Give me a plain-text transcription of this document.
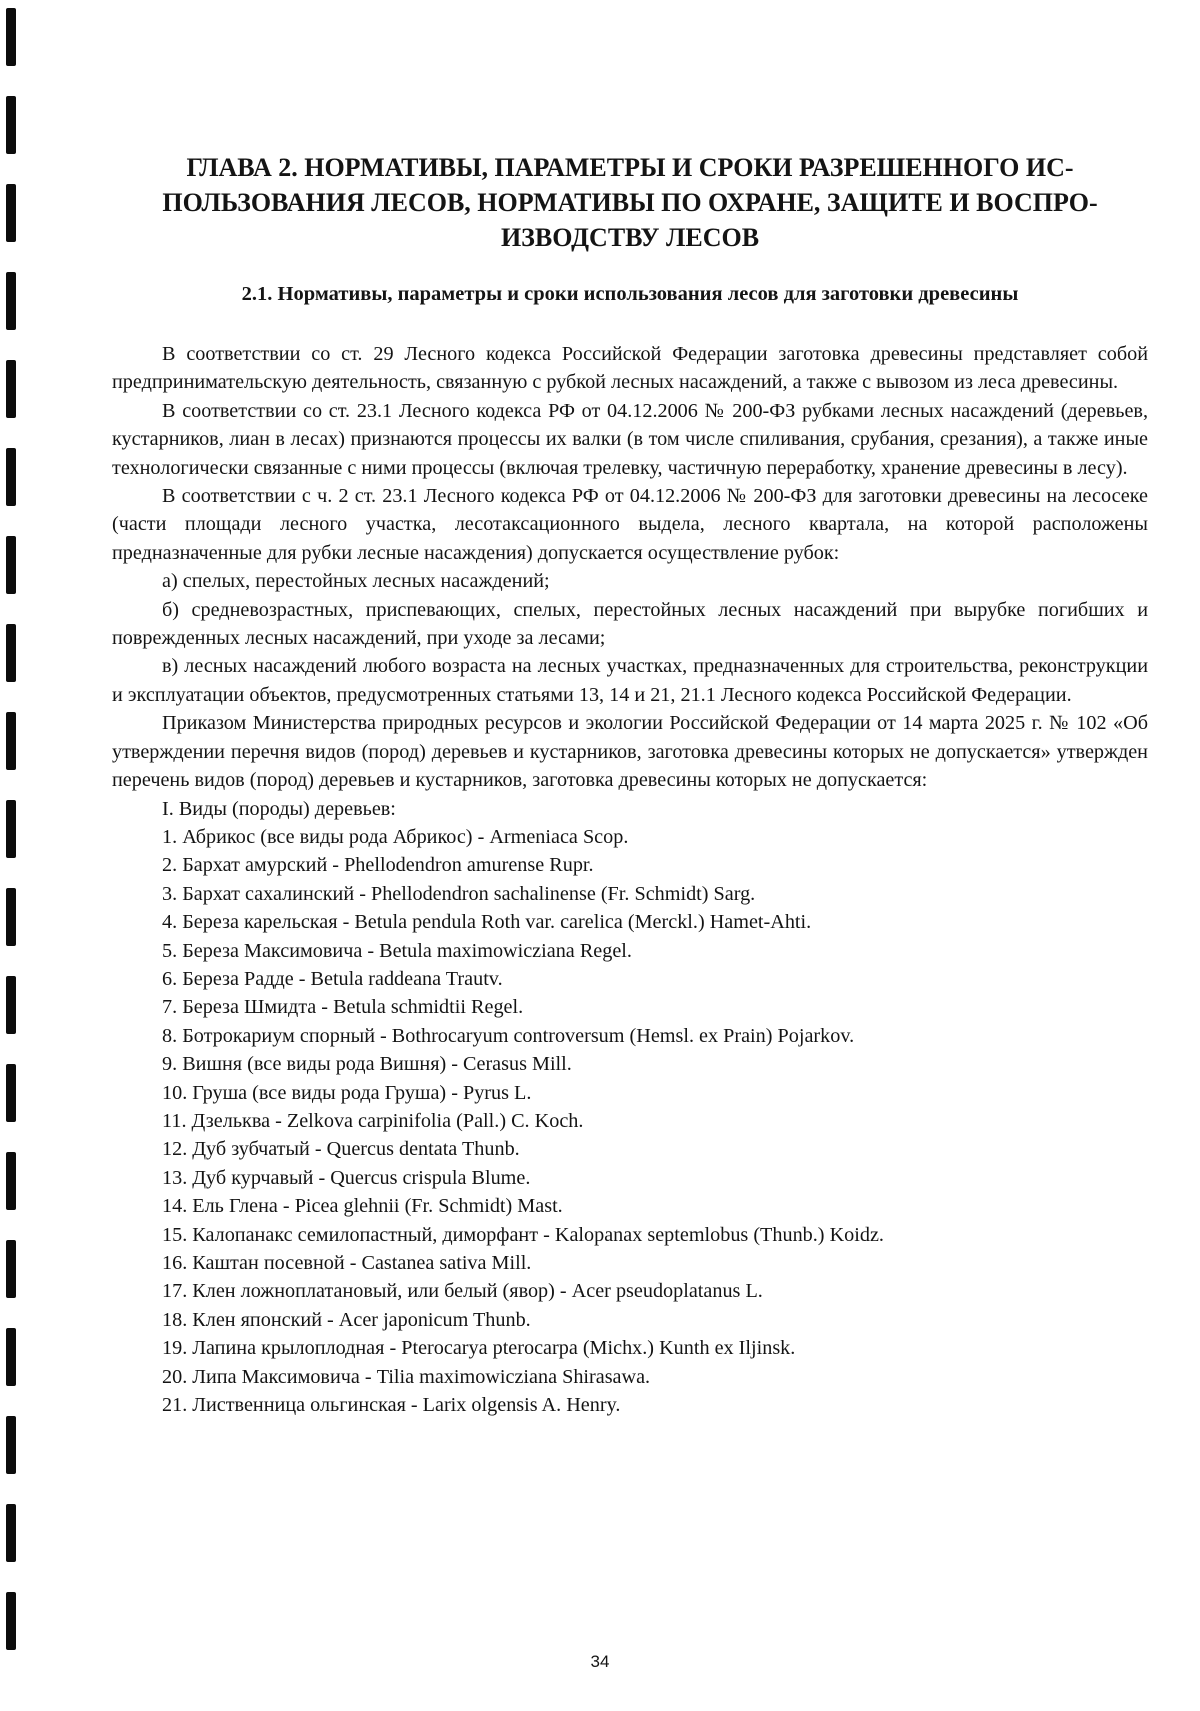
ГЛАВА 2. НОРМАТИВЫ, ПАРАМЕТРЫ И СРОКИ РАЗРЕШЕННОГО ИС-
ПОЛЬЗОВАНИЯ ЛЕСОВ, НОРМАТИВЫ ПО ОХРАНЕ, ЗАЩИТЕ И ВОСПРО-
ИЗВОДСТВУ ЛЕСОВ
2.1. Нормативы, параметры и сроки использования лесов для заготовки древесины

В соответствии со ст. 29 Лесного кодекса Российской Федерации заготовка древесины представляет собой предпринимательскую деятельность, связанную с рубкой лесных насаждений, а также с вывозом из леса древесины.

В соответствии со ст. 23.1 Лесного кодекса РФ от 04.12.2006 № 200-ФЗ рубками лесных насаждений (деревьев, кустарников, лиан в лесах) признаются процессы их валки (в том числе спиливания, срубания, срезания), а также иные технологически связанные с ними процессы (включая трелевку, частичную переработку, хранение древесины в лесу).

В соответствии с ч. 2 ст. 23.1 Лесного кодекса РФ от 04.12.2006 № 200-ФЗ для заготовки древесины на лесосеке (части площади лесного участка, лесотаксационного выдела, лесного квартала, на которой расположены предназначенные для рубки лесные насаждения) допускается осуществление рубок:

а) спелых, перестойных лесных насаждений;

б) средневозрастных, приспевающих, спелых, перестойных лесных насаждений при вырубке погибших и поврежденных лесных насаждений, при уходе за лесами;

в) лесных насаждений любого возраста на лесных участках, предназначенных для строительства, реконструкции и эксплуатации объектов, предусмотренных статьями 13, 14 и 21, 21.1 Лесного кодекса Российской Федерации.

Приказом Министерства природных ресурсов и экологии Российской Федерации от 14 марта 2025 г. № 102 «Об утверждении перечня видов (пород) деревьев и кустарников, заготовка древесины которых не допускается» утвержден перечень видов (пород) деревьев и кустарников, заготовка древесины которых не допускается:

I. Виды (породы) деревьев:

1. Абрикос (все виды рода Абрикос) - Armeniaca Scop.

2. Бархат амурский - Phellodendron amurense Rupr.

3. Бархат сахалинский - Phellodendron sachalinense (Fr. Schmidt) Sarg.

4. Береза карельская - Betula pendula Roth var. carelica (Merckl.) Hamet-Ahti.

5. Береза Максимовича - Betula maximowicziana Regel.

6. Береза Радде - Betula raddeana Trautv.

7. Береза Шмидта - Betula schmidtii Regel.

8. Ботрокариум спорный - Bothrocaryum controversum (Hemsl. ex Prain) Pojarkov.

9. Вишня (все виды рода Вишня) - Cerasus Mill.

10. Груша (все виды рода Груша) - Pyrus L.

11. Дзельква - Zelkova carpinifolia (Pall.) C. Koch.

12. Дуб зубчатый - Quercus dentata Thunb.

13. Дуб курчавый - Quercus crispula Blume.

14. Ель Глена - Picea glehnii (Fr. Schmidt) Mast.

15. Калопанакс семилопастный, диморфант - Kalopanax septemlobus (Thunb.) Koidz.

16. Каштан посевной - Castanea sativa Mill.

17. Клен ложноплатановый, или белый (явор) - Acer pseudoplatanus L.

18. Клен японский - Acer japonicum Thunb.

19. Лапина крылоплодная - Pterocarya pterocarpa (Michx.) Kunth ex Iljinsk.

20. Липа Максимовича - Tilia maximowicziana Shirasawa.

21. Лиственница ольгинская - Larix olgensis A. Henry.

34
